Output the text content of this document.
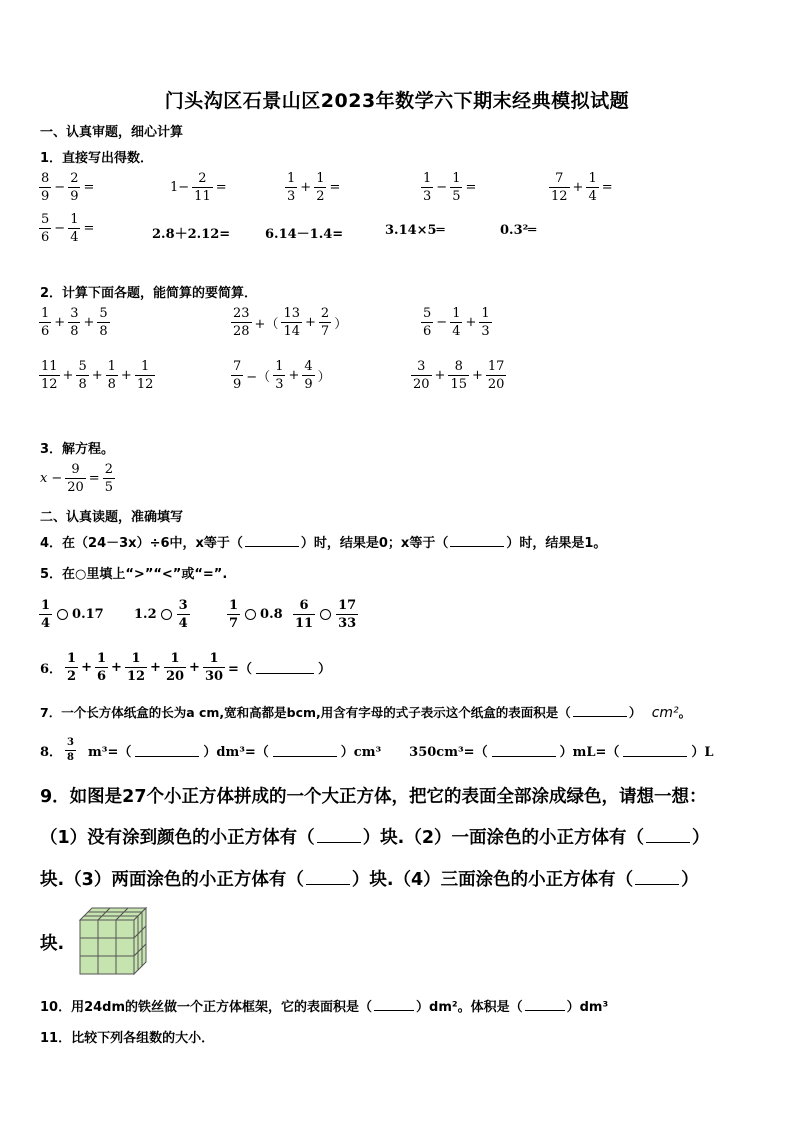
门头沟区石景山区2023年数学六下期末经典模拟试题
一、认真审题，细心计算
1．直接写出得数．
$\frac{8}{9} - \frac{2}{9}$ =	$1- \frac{2}{11}$ =	$\frac{1}{3} + \frac{1}{2}$ =	$\frac{1}{3} - \frac{1}{5}$ =	$\frac{7}{12} + \frac{1}{4}$ =
$\frac{5}{6} - \frac{1}{4}$ =	2.8＋2.12=	6.14－1.4=	3.14×5═	0.3²═
2．计算下面各题，能简算的要简算．
$\frac{1}{6} + \frac{3}{8} + \frac{5}{8}$	$\frac{23}{28}$ +（ $\frac{13}{14} + \frac{2}{7}$ ）	$\frac{5}{6} - \frac{1}{4} + \frac{1}{3}$
$\frac{11}{12} + \frac{5}{8} + \frac{1}{8} + \frac{1}{12}$	$\frac{7}{9}$ −（ $\frac{1}{3} + \frac{4}{9}$ ）	$\frac{3}{20} + \frac{8}{15} + \frac{17}{20}$
3．解方程。
$x - \frac{9}{20} = \frac{2}{5}$
二、认真读题，准确填写
4．在（24－3x）÷6中，x等于（	）时，结果是0；x等于（	）时，结果是1。
5．在○里填上“>”“<”或“=”.
$\frac{1}{4} 0.17$ $1.2 \frac{3}{4}$	$\frac{1}{7} 0.8 \frac{6}{11} \frac{17}{33}$
6． $\frac{1}{2} + \frac{1}{6} + \frac{1}{12} + \frac{1}{20} + \frac{1}{30}$ =（	）
7．一个长方体纸盒的长为a cm,宽和高都是bcm,用含有字母的式子表示这个纸盒的表面积是（	） cm²。
8． $\frac{3}{8} m^3=$（	）dm³=（	）cm³ 350cm³=（	）mL=（	）L
9．如图是27个小正方体拼成的一个大正方体，把它的表面全部涂成绿色，请想一想：
（1）没有涂到颜色的小正方体有（	）块.（2）一面涂色的小正方体有（	）
块.（3）两面涂色的小正方体有（	）块.（4）三面涂色的小正方体有（	）
块.
10．用24dm的铁丝做一个正方体框架，它的表面积是（	）dm²。体积是（	）dm³
11．比较下列各组数的大小．
